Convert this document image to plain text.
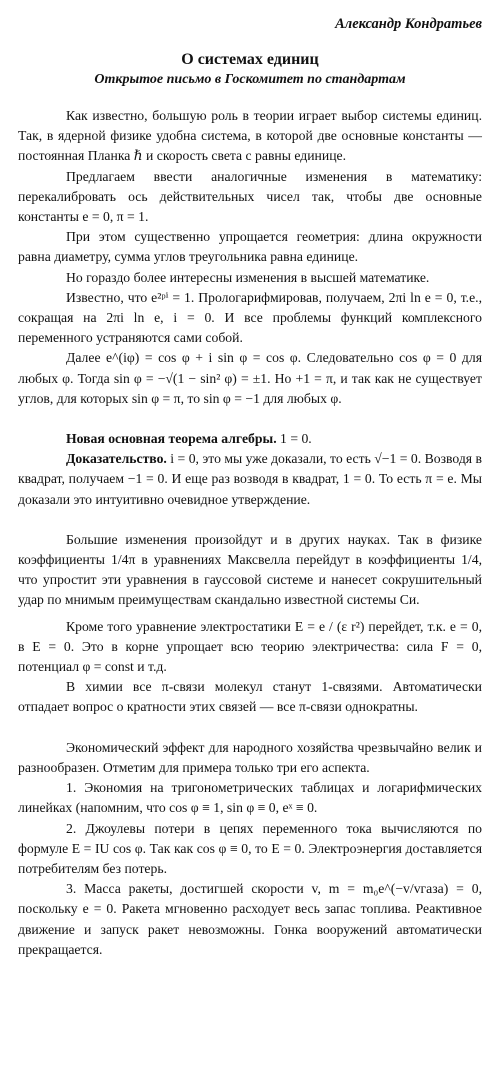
Александр Кондратьев
О системах единиц
Открытое письмо в Госкомитет по стандартам

Как известно, большую роль в теории играет выбор системы единиц. Так, в ядерной физике удобна система, в которой две основные константы — постоянная Планка ℏ и скорость света c равны единице.

Предлагаем ввести аналогичные изменения в математику: перекалибровать ось действительных чисел так, чтобы две основные константы e = 0, π = 1.

При этом существенно упрощается геометрия: длина окружности равна диаметру, сумма углов треугольника равна единице.

Но гораздо более интересны изменения в высшей математике.

Известно, что e²ᵖⁱ = 1. Прологарифмировав, получаем, 2πi ln e = 0, т.е., сокращая на 2πi ln e, i = 0. И все проблемы функций комплексного переменного устраняются сами собой.

Далее e^(iφ) = cos φ + i sin φ = cos φ. Следовательно cos φ = 0 для любых φ. Тогда sin φ = −√(1 − sin² φ) = ±1. Но +1 = π, и так как не существует углов, для которых sin φ = π, то sin φ = −1 для любых φ.

Новая основная теорема алгебры. 1 = 0.

Доказательство. i = 0, это мы уже доказали, то есть √−1 = 0. Возводя в квадрат, получаем −1 = 0. И еще раз возводя в квадрат, 1 = 0. То есть π = e. Мы доказали это интуитивно очевидное утверждение.

Большие изменения произойдут и в других науках. Так в физике коэффициенты 1/4π в уравнениях Максвелла перейдут в коэффициенты 1/4, что упростит эти уравнения в гауссовой системе и нанесет сокрушительный удар по мнимым преимуществам скандально известной системы Си.

Кроме того уравнение электростатики E = e / (ε r²) перейдет, т.к. e = 0, в E = 0. Это в корне упрощает всю теорию электричества: сила F = 0, потенциал φ = const и т.д.

В химии все π-связи молекул станут 1-связями. Автоматически отпадает вопрос о кратности этих связей — все π-связи однократны.

Экономический эффект для народного хозяйства чрезвычайно велик и разнообразен. Отметим для примера только три его аспекта.

1. Экономия на тригонометрических таблицах и логарифмических линейках (напомним, что cos φ ≡ 1, sin φ ≡ 0, eˣ ≡ 0.

2. Джоулевы потери в цепях переменного тока вычисляются по формуле E = IU cos φ. Так как cos φ ≡ 0, то E = 0. Электроэнергия доставляется потребителям без потерь.

3. Масса ракеты, достигшей скорости v, m = m₀e^(−v/vгаза) = 0, поскольку e = 0. Ракета мгновенно расходует весь запас топлива. Реактивное движение и запуск ракет невозможны. Гонка вооружений автоматически прекращается.
